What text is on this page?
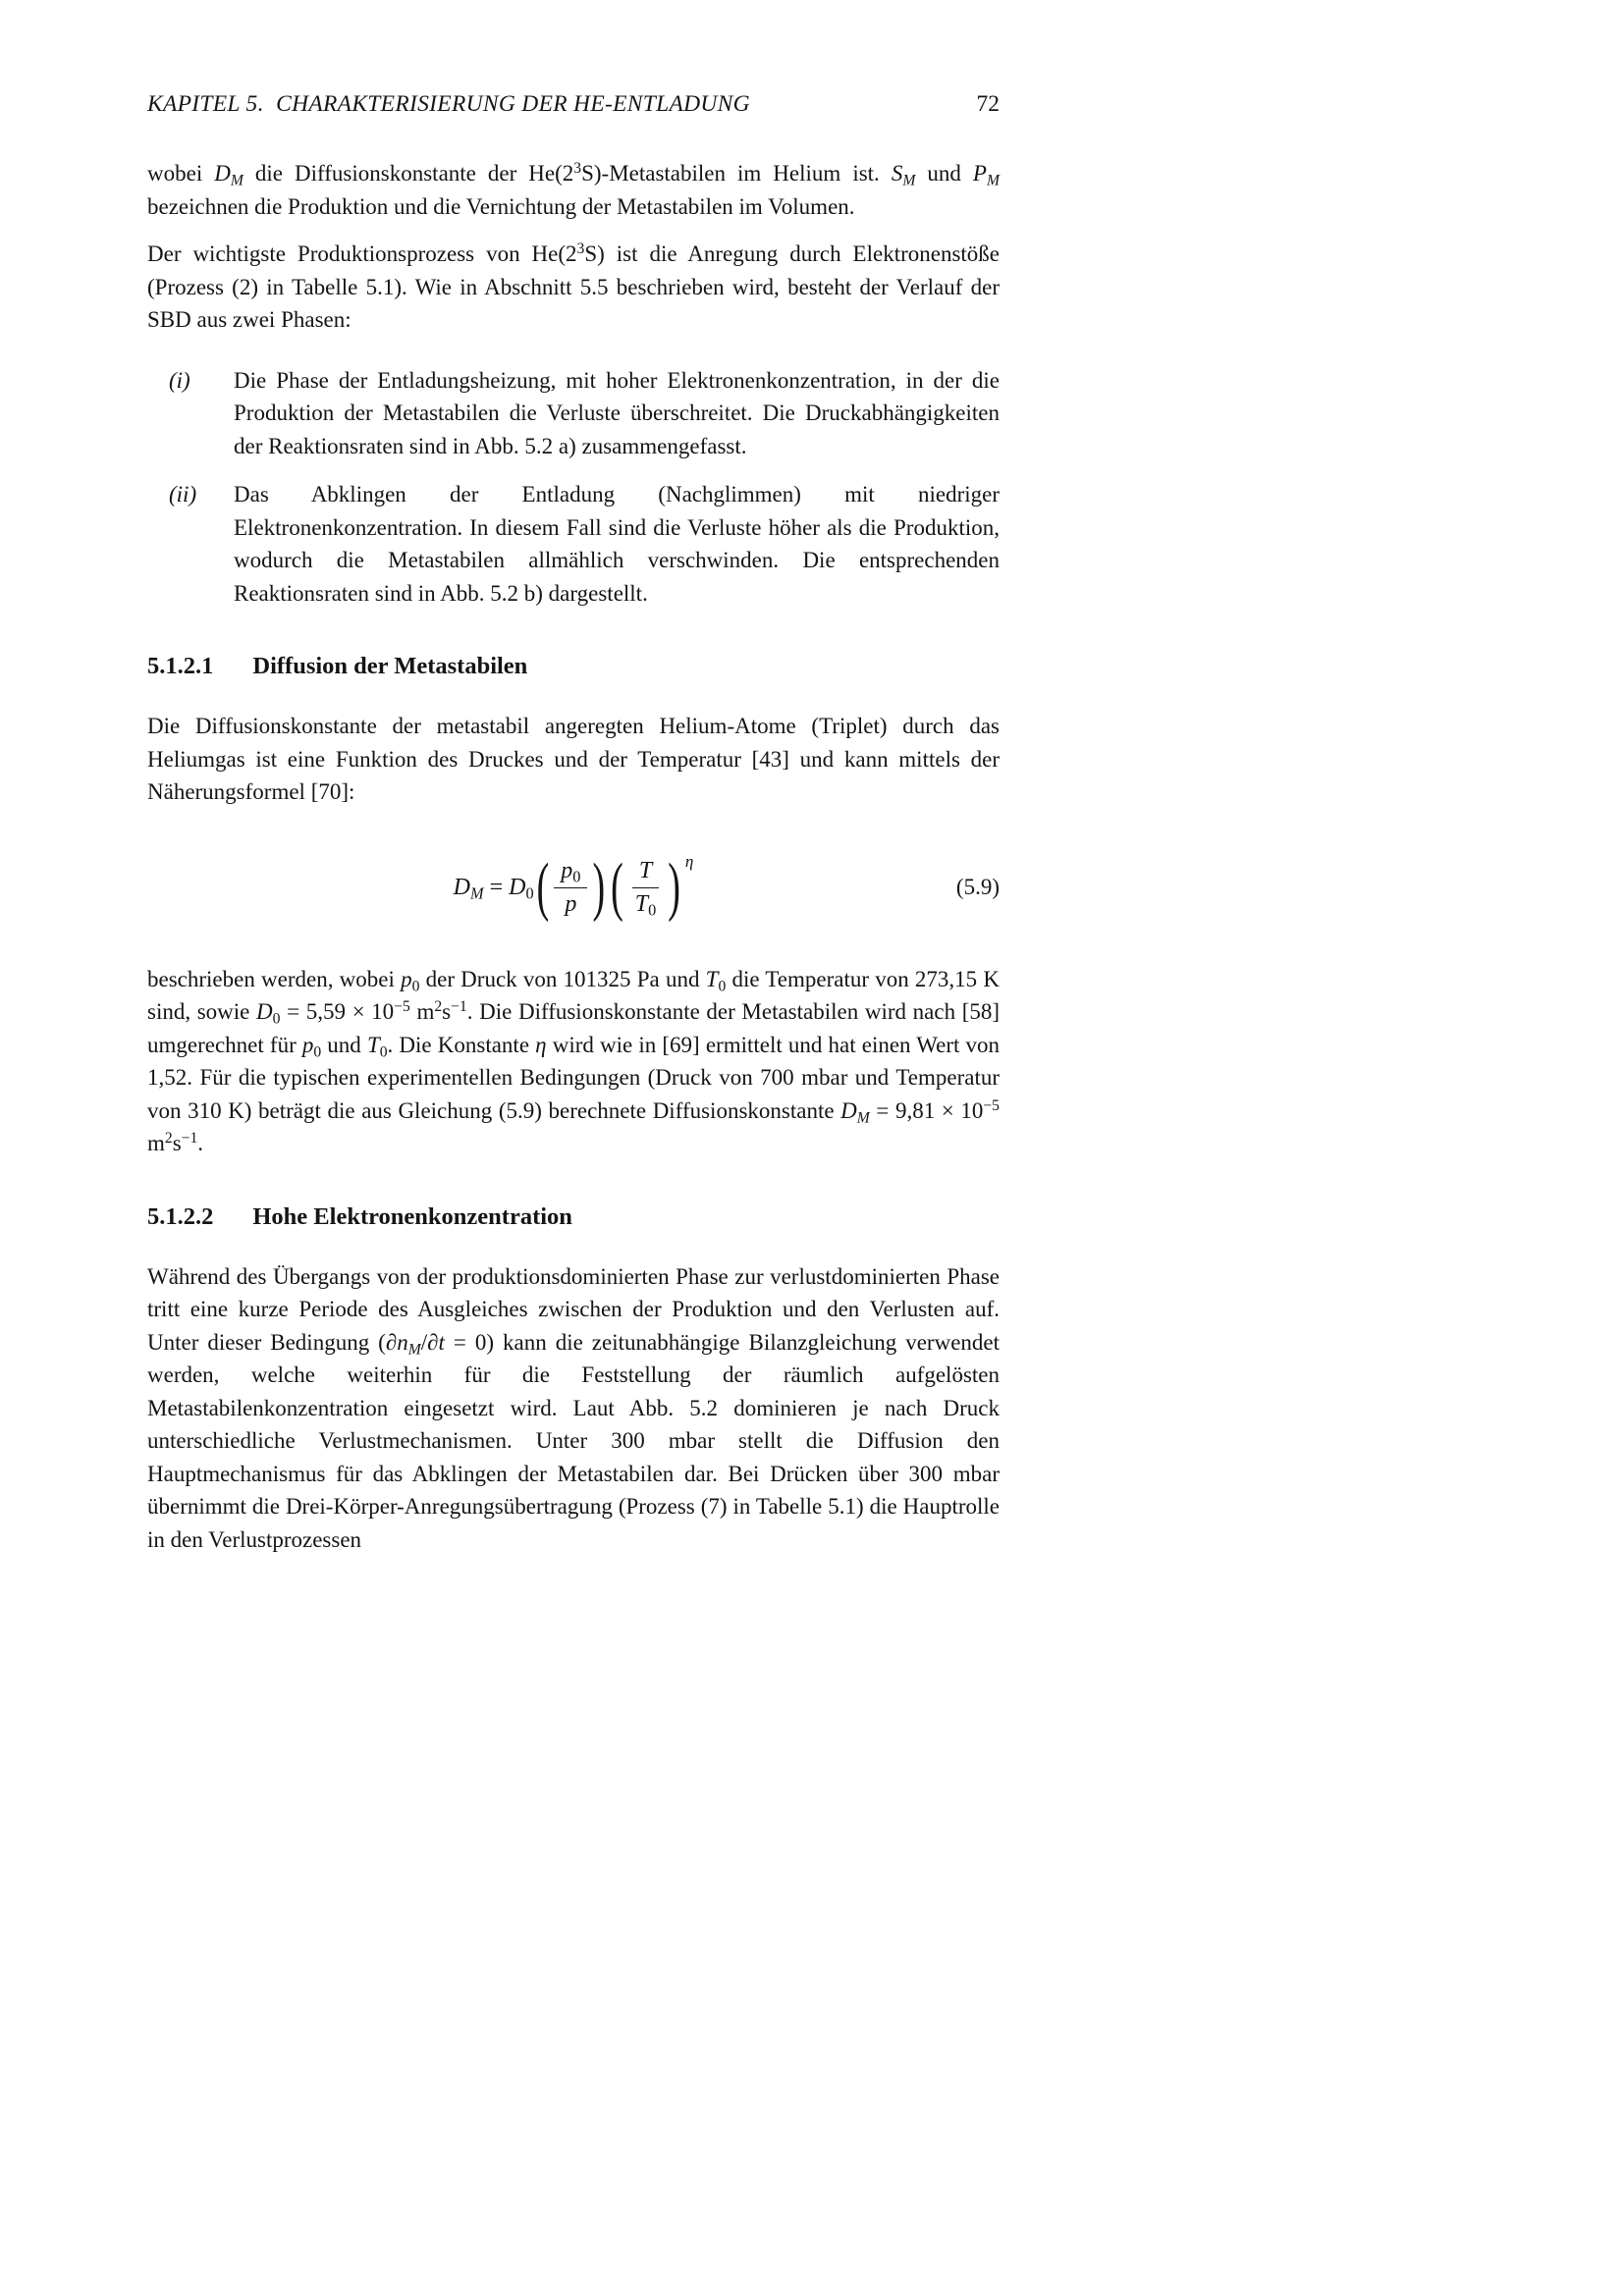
KAPITEL 5.  CHARAKTERISIERUNG DER HE-ENTLADUNG	72

wobei $D_M$ die Diffusionskonstante der $He(2^3S)$-Metastabilen im Helium ist. $S_M$ und $P_M$ bezeichnen die Produktion und die Vernichtung der Metastabilen im Volumen.

Der wichtigste Produktionsprozess von $He(2^3S)$ ist die Anregung durch Elektronenstöße (Prozess (2) in Tabelle 5.1). Wie in Abschnitt 5.5 beschrieben wird, besteht der Verlauf der SBD aus zwei Phasen:

(i) Die Phase der Entladungsheizung, mit hoher Elektronenkonzentration, in der die Produktion der Metastabilen die Verluste überschreitet. Die Druckabhängigkeiten der Reaktionsraten sind in Abb. 5.2 a) zusammengefasst.
(ii) Das Abklingen der Entladung (Nachglimmen) mit niedriger Elektronenkonzentration. In diesem Fall sind die Verluste höher als die Produktion, wodurch die Metastabilen allmählich verschwinden. Die entsprechenden Reaktionsraten sind in Abb. 5.2 b) dargestellt.
5.1.2.1 Diffusion der Metastabilen

Die Diffusionskonstante der metastabil angeregten Helium-Atome (Triplet) durch das Heliumgas ist eine Funktion des Druckes und der Temperatur [43] und kann mittels der Näherungsformel [70]:

$D_M = D_0$ ( $\frac{p_0}{p}$ ) ( $\frac{T}{T_0}$ ) η
(5.9)

beschrieben werden, wobei $p_0$ der Druck von 101325 Pa und $T_0$ die Temperatur von 273,15 K sind, sowie $D_0 = 5,59 \times 10^{-5}$ $m^2s^{-1}$. Die Diffusionskonstante der Metastabilen wird nach [58] umgerechnet für $p_0$ und $T_0$. Die Konstante η wird wie in [69] ermittelt und hat einen Wert von 1,52. Für die typischen experimentellen Bedingungen (Druck von 700 mbar und Temperatur von 310 K) beträgt die aus Gleichung (5.9) berechnete Diffusionskonstante $D_M = 9,81 \times 10^{-5}$ $m^2s^{-1}$.

5.1.2.2 Hohe Elektronenkonzentration

Während des Übergangs von der produktionsdominierten Phase zur verlustdominierten Phase tritt eine kurze Periode des Ausgleiches zwischen der Produktion und den Verlusten auf. Unter dieser Bedingung $(\partial n_M/\partial t = 0)$ kann die zeitunabhängige Bilanzgleichung verwendet werden, welche weiterhin für die Feststellung der räumlich aufgelösten Metastabilenkonzentration eingesetzt wird. Laut Abb. 5.2 dominieren je nach Druck unterschiedliche Verlustmechanismen. Unter 300 mbar stellt die Diffusion den Hauptmechanismus für das Abklingen der Metastabilen dar. Bei Drücken über 300 mbar übernimmt die Drei-Körper-Anregungsübertragung (Prozess (7) in Tabelle 5.1) die Hauptrolle in den Verlustprozessen
